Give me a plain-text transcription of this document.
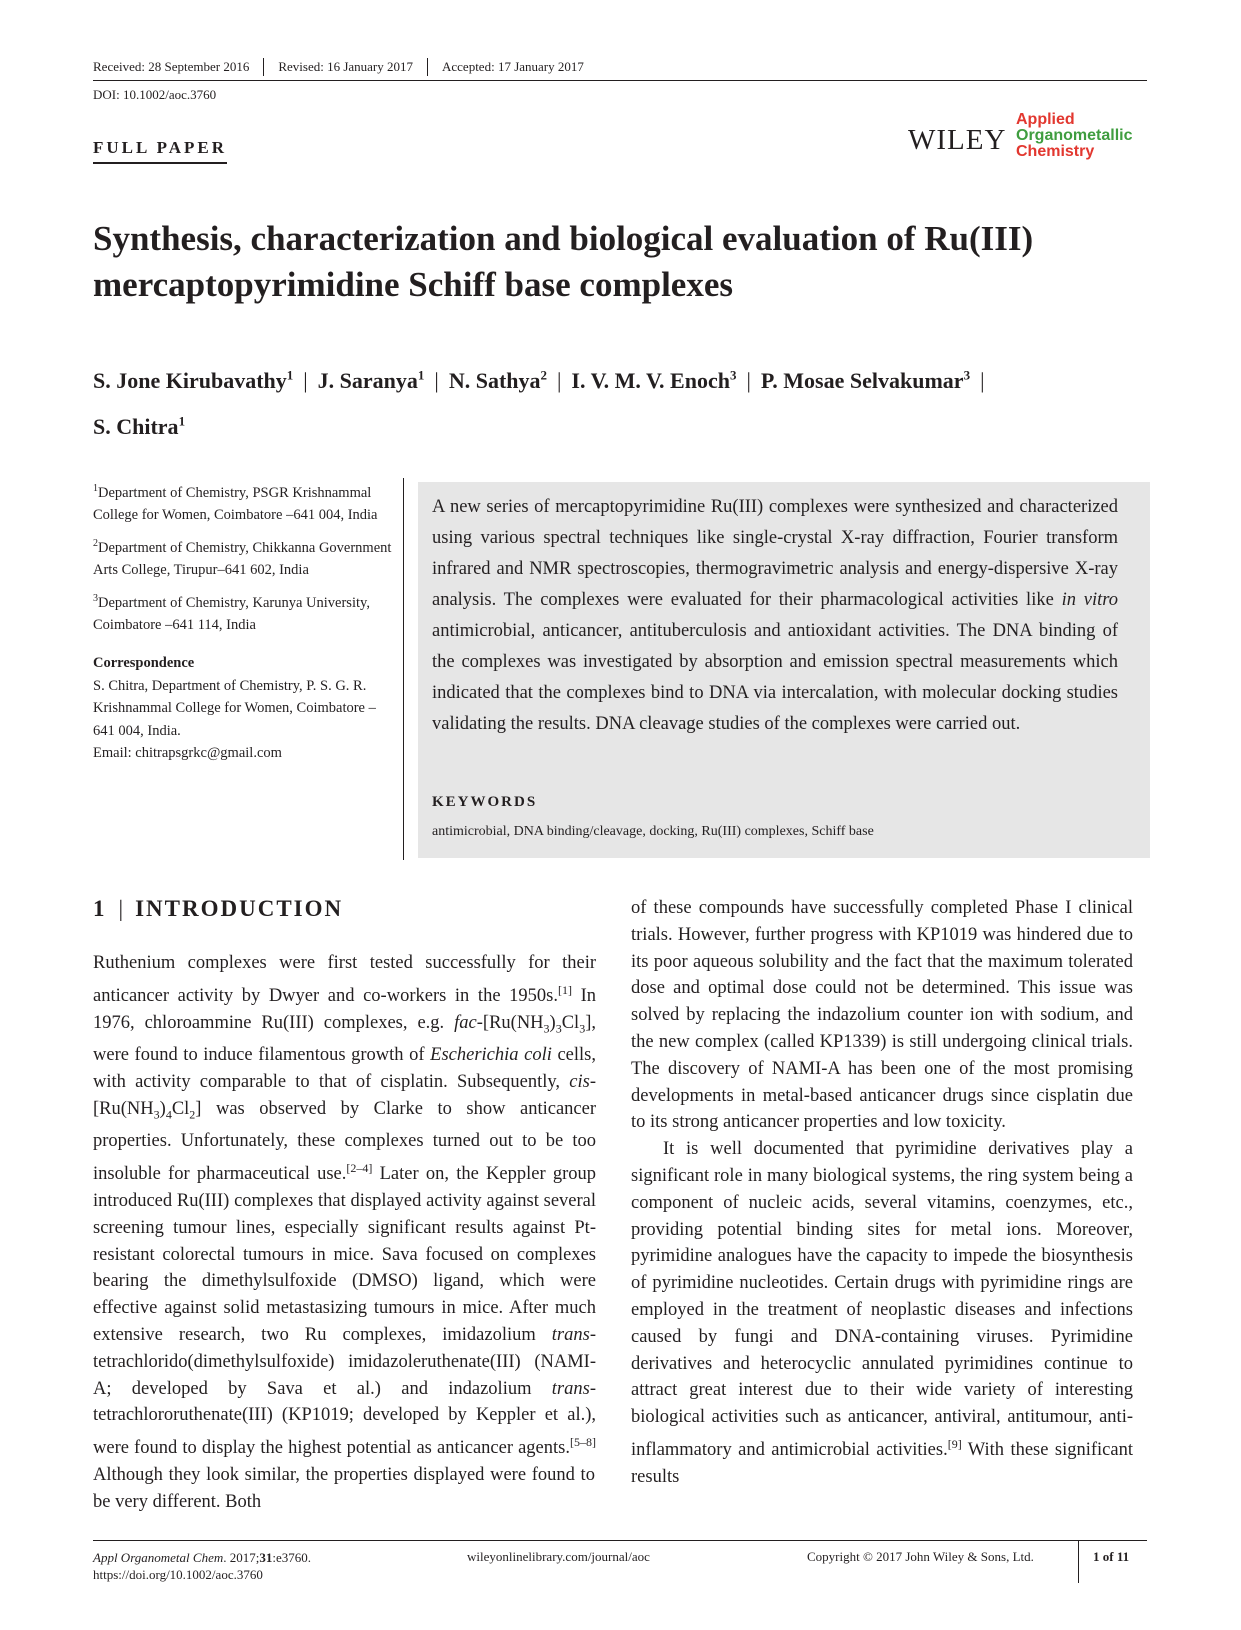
Received: 28 September 2016	Revised: 16 January 2017	Accepted: 17 January 2017
DOI: 10.1002/aoc.3760
FULL PAPER	WILEY
Applied
Organometallic
Chemistry
Synthesis, characterization and biological evaluation of Ru(III) mercaptopyrimidine Schiff base complexes
S. Jone Kirubavathy$^1$ | J. Saranya$^1$ | N. Sathya$^2$ | I. V. M. V. Enoch$^3$ | P. Mosae Selvakumar$^3$ |
S. Chitra$^1$

$^1$Department of Chemistry, PSGR Krishnammal College for Women, Coimbatore –641 004, India

$^2$Department of Chemistry, Chikkanna Government Arts College, Tirupur–641 602, India

$^3$Department of Chemistry, Karunya University, Coimbatore –641 114, India

Correspondence
S. Chitra, Department of Chemistry, P. S. G. R. Krishnammal College for Women, Coimbatore – 641 004, India.
Email: chitrapsgrkc@gmail.com
A new series of mercaptopyrimidine Ru(III) complexes were synthesized and characterized using various spectral techniques like single-crystal X-ray diffraction, Fourier transform infrared and NMR spectroscopies, thermogravimetric analysis and energy-dispersive X-ray analysis. The complexes were evaluated for their pharmacological activities like in vitro antimicrobial, anticancer, antituberculosis and antioxidant activities. The DNA binding of the complexes was investigated by absorption and emission spectral measurements which indicated that the complexes bind to DNA via intercalation, with molecular docking studies validating the results. DNA cleavage studies of the complexes were carried out.
KEYWORDS
antimicrobial, DNA binding/cleavage, docking, Ru(III) complexes, Schiff base
1 | INTRODUCTION

Ruthenium complexes were first tested successfully for their anticancer activity by Dwyer and co-workers in the 1950s.[1] In 1976, chloroammine Ru(III) complexes, e.g. fac-$[Ru(NH_3)_3Cl_3]$, were found to induce filamentous growth of Escherichia coli cells, with activity comparable to that of cisplatin. Subsequently, cis-$[Ru(NH_3)_4Cl_2]$ was observed by Clarke to show anticancer properties. Unfortunately, these complexes turned out to be too insoluble for pharmaceutical use.[2–4] Later on, the Keppler group introduced Ru(III) complexes that displayed activity against several screening tumour lines, especially significant results against Pt-resistant colorectal tumours in mice. Sava focused on complexes bearing the dimethylsulfoxide (DMSO) ligand, which were effective against solid metastasizing tumours in mice. After much extensive research, two Ru complexes, imidazolium trans-tetrachlorido(dimethylsulfoxide) imidazoleruthenate(III) (NAMI-A; developed by Sava et al.) and indazolium trans-tetrachlororuthenate(III) (KP1019; developed by Keppler et al.), were found to display the highest potential as anticancer agents.[5–8] Although they look similar, the properties displayed were found to be very different. Both

of these compounds have successfully completed Phase I clinical trials. However, further progress with KP1019 was hindered due to its poor aqueous solubility and the fact that the maximum tolerated dose and optimal dose could not be determined. This issue was solved by replacing the indazolium counter ion with sodium, and the new complex (called KP1339) is still undergoing clinical trials. The discovery of NAMI-A has been one of the most promising developments in metal-based anticancer drugs since cisplatin due to its strong anticancer properties and low toxicity.

It is well documented that pyrimidine derivatives play a significant role in many biological systems, the ring system being a component of nucleic acids, several vitamins, coenzymes, etc., providing potential binding sites for metal ions. Moreover, pyrimidine analogues have the capacity to impede the biosynthesis of pyrimidine nucleotides. Certain drugs with pyrimidine rings are employed in the treatment of neoplastic diseases and infections caused by fungi and DNA-containing viruses. Pyrimidine derivatives and heterocyclic annulated pyrimidines continue to attract great interest due to their wide variety of interesting biological activities such as anticancer, antiviral, antitumour, anti-inflammatory and antimicrobial activities.[9] With these significant results

Appl Organometal Chem. 2017;31:e3760.
https://doi.org/10.1002/aoc.3760
wileyonlinelibrary.com/journal/aoc	Copyright © 2017 John Wiley & Sons, Ltd.	1 of 11
